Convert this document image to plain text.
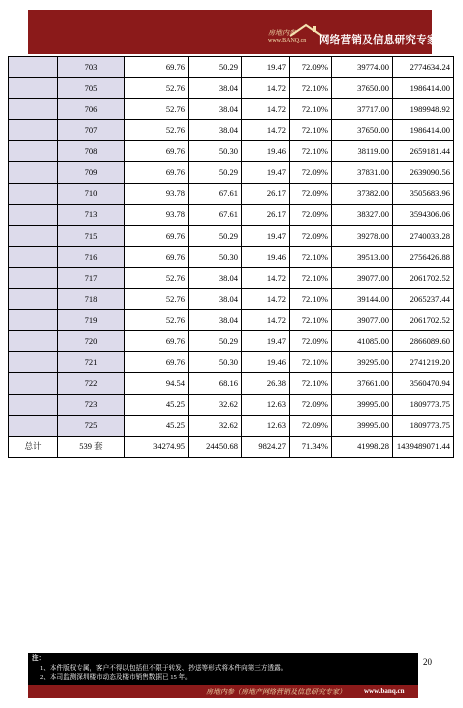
房地内参
www.BANQ.cn 网络营销及信息研究专家
	703	69.76	50.29	19.47	72.09%	39774.00	2774634.24
	705	52.76	38.04	14.72	72.10%	37650.00	1986414.00
	706	52.76	38.04	14.72	72.10%	37717.00	1989948.92
	707	52.76	38.04	14.72	72.10%	37650.00	1986414.00
	708	69.76	50.30	19.46	72.10%	38119.00	2659181.44
	709	69.76	50.29	19.47	72.09%	37831.00	2639090.56
	710	93.78	67.61	26.17	72.09%	37382.00	3505683.96
	713	93.78	67.61	26.17	72.09%	38327.00	3594306.06
	715	69.76	50.29	19.47	72.09%	39278.00	2740033.28
	716	69.76	50.30	19.46	72.10%	39513.00	2756426.88
	717	52.76	38.04	14.72	72.10%	39077.00	2061702.52
	718	52.76	38.04	14.72	72.10%	39144.00	2065237.44
	719	52.76	38.04	14.72	72.10%	39077.00	2061702.52
	720	69.76	50.29	19.47	72.09%	41085.00	2866089.60
	721	69.76	50.30	19.46	72.10%	39295.00	2741219.20
	722	94.54	68.16	26.38	72.10%	37661.00	3560470.94
	723	45.25	32.62	12.63	72.09%	39995.00	1809773.75
	725	45.25	32.62	12.63	72.09%	39995.00	1809773.75
总计	539 套	34274.95	24450.68	9824.27	71.34%	41998.28	1439489071.44
20
注：
1、本件版权专属，客户不得以包括但不限于转发、抄送等形式将本件向第三方透露。
2、本司监测深圳楼市动态及楼市销售数据已 15 年。
房地内参（房地产网络营销及信息研究专家）	www.banq.cn
